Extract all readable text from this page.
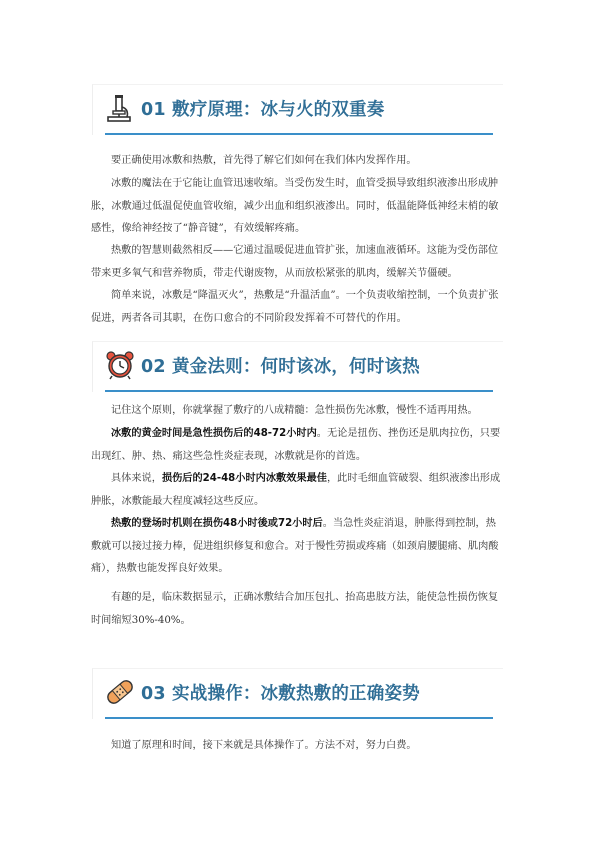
01 敷疗原理：冰与火的双重奏

要正确使用冰敷和热敷，首先得了解它们如何在我们体内发挥作用。

冰敷的魔法在于它能让血管迅速收缩。当受伤发生时，血管受损导致组织液渗出形成肿胀，冰敷通过低温促使血管收缩，减少出血和组织液渗出。同时，低温能降低神经末梢的敏感性，像给神经按了“静音键”，有效缓解疼痛。

热敷的智慧则截然相反——它通过温暖促进血管扩张，加速血液循环。这能为受伤部位带来更多氧气和营养物质，带走代谢废物，从而放松紧张的肌肉，缓解关节僵硬。

简单来说，冰敷是“降温灭火”，热敷是“升温活血”。一个负责收缩控制，一个负责扩张促进，两者各司其职，在伤口愈合的不同阶段发挥着不可替代的作用。

02 黄金法则：何时该冰，何时该热

记住这个原则，你就掌握了敷疗的八成精髓：急性损伤先冰敷，慢性不适再用热。

冰敷的黄金时间是急性损伤后的48-72小时内。无论是扭伤、挫伤还是肌肉拉伤，只要出现红、肿、热、痛这些急性炎症表现，冰敷就是你的首选。

具体来说，损伤后的24-48小时内冰敷效果最佳，此时毛细血管破裂、组织液渗出形成肿胀，冰敷能最大程度减轻这些反应。

热敷的登场时机则在损伤48小时後或72小时后。当急性炎症消退，肿胀得到控制，热敷就可以接过接力棒，促进组织修复和愈合。对于慢性劳损或疼痛（如颈肩腰腿痛、肌肉酸痛），热敷也能发挥良好效果。

有趣的是，临床数据显示，正确冰敷结合加压包扎、抬高患肢方法，能使急性损伤恢复时间缩短30%-40%。

03 实战操作：冰敷热敷的正确姿势

知道了原理和时间，接下来就是具体操作了。方法不对，努力白费。
